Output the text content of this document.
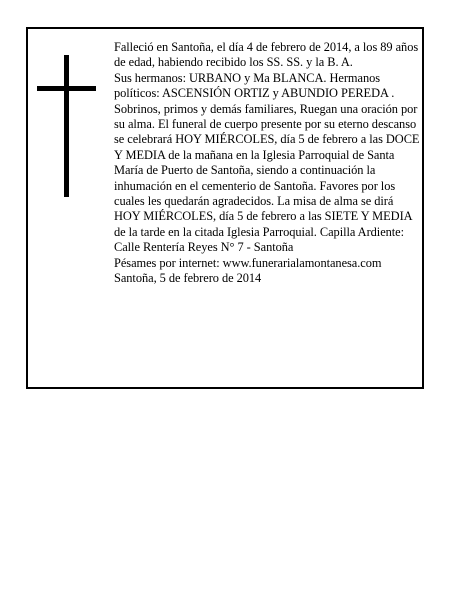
Falleció en Santoña, el día 4 de febrero de 2014, a los 89 años de edad, habiendo recibido los SS. SS. y la B. A.

Sus hermanos: URBANO y Ma BLANCA. Hermanos políticos: ASCENSIÓN ORTIZ y ABUNDIO PEREDA . Sobrinos, primos y demás familiares, Ruegan una oración por su alma. El funeral de cuerpo presente por su eterno descanso se celebrará HOY MIÉRCOLES, día 5 de febrero a las DOCE Y MEDIA de la mañana en la Iglesia Parroquial de Santa María de Puerto de Santoña, siendo a continuación la inhumación en el cementerio de Santoña. Favores por los cuales les quedarán agradecidos. La misa de alma se dirá HOY MIÉRCOLES, día 5 de febrero a las SIETE Y MEDIA de la tarde en la citada Iglesia Parroquial. Capilla Ardiente: Calle Rentería Reyes N° 7 - Santoña

Pésames por internet: www.funerarialamontanesa.com

Santoña, 5 de febrero de 2014
